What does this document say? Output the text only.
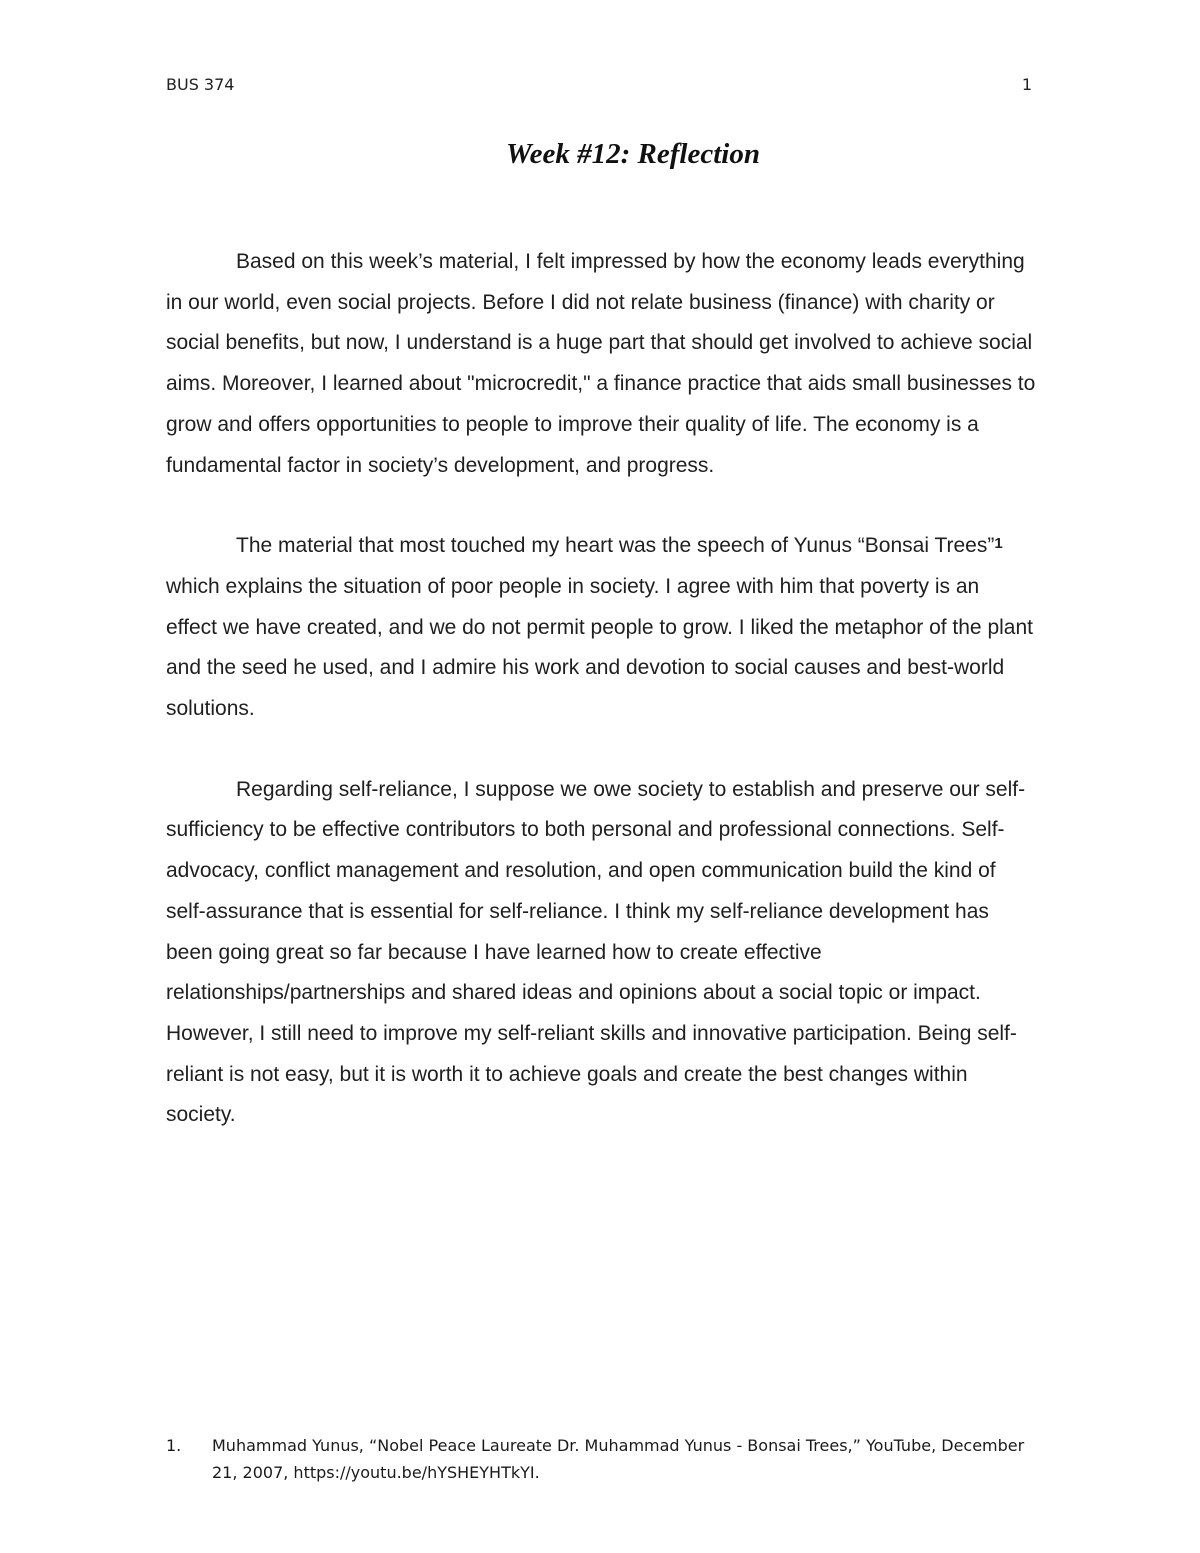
BUS 374	1
Week #12: Reflection

Based on this week’s material, I felt impressed by how the economy leads everything in our world, even social projects. Before I did not relate business (finance) with charity or social benefits, but now, I understand is a huge part that should get involved to achieve social aims. Moreover, I learned about "microcredit," a finance practice that aids small businesses to grow and offers opportunities to people to improve their quality of life. The economy is a fundamental factor in society’s development, and progress.

The material that most touched my heart was the speech of Yunus “Bonsai Trees”$^1$ which explains the situation of poor people in society. I agree with him that poverty is an effect we have created, and we do not permit people to grow. I liked the metaphor of the plant and the seed he used, and I admire his work and devotion to social causes and best-world solutions.

Regarding self-reliance, I suppose we owe society to establish and preserve our self-sufficiency to be effective contributors to both personal and professional connections. Self-advocacy, conflict management and resolution, and open communication build the kind of self-assurance that is essential for self-reliance. I think my self-reliance development has been going great so far because I have learned how to create effective relationships/partnerships and shared ideas and opinions about a social topic or impact. However, I still need to improve my self-reliant skills and innovative participation. Being self-reliant is not easy, but it is worth it to achieve goals and create the best changes within society.

1.	Muhammad Yunus, “Nobel Peace Laureate Dr. Muhammad Yunus - Bonsai Trees,” YouTube, December 21, 2007, https://youtu.be/hYSHEYHTkYI.
